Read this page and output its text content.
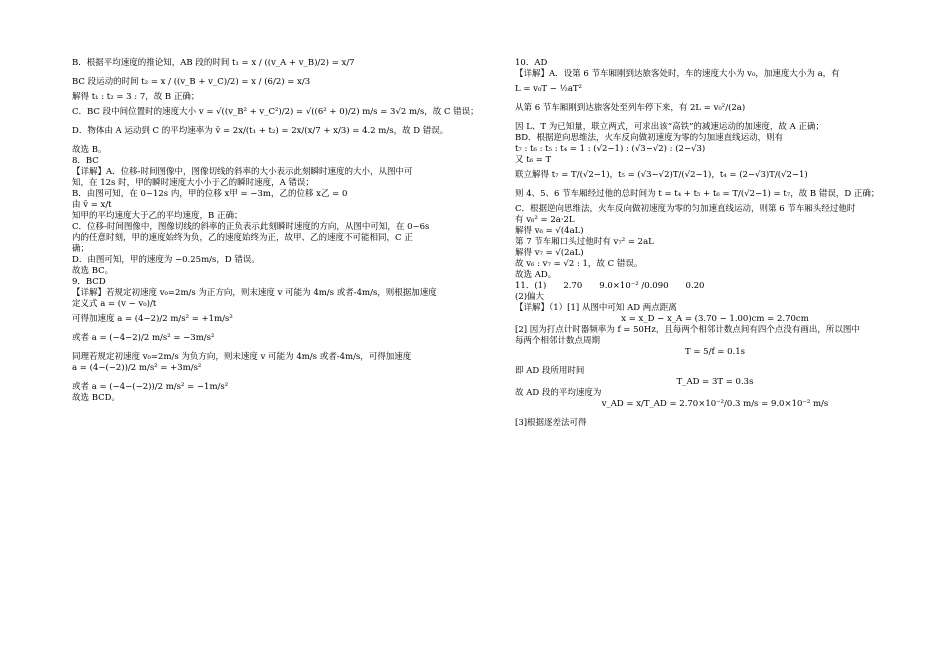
B．根据平均速度的推论知，AB 段的时间 t₁ = x / ((v_A + v_B)/2) = x/7

BC 段运动的时间 t₂ = x / ((v_B + v_C)/2) = x / (6/2) = x/3

解得 t₁ : t₂ = 3 : 7，故 B 正确；

C．BC 段中间位置时的速度大小 v = √((v_B² + v_C²)/2) = √((6² + 0)/2) m/s = 3√2 m/s，故 C 错误；

D．物体由 A 运动到 C 的平均速率为 v̄ = 2x/(t₁ + t₂) = 2x/(x/7 + x/3) = 4.2 m/s，故 D 错误。

故选 B。

8．BC

【详解】A．位移-时间图像中，图像切线的斜率的大小表示此刻瞬时速度的大小，从图中可

知，在 12s 时，甲的瞬时速度大小小于乙的瞬时速度，A 错误；

B．由图可知，在 0~12s 内，甲的位移 x甲 = −3m，乙的位移 x乙 = 0

由 v̄ = x/t

知甲的平均速度大于乙的平均速度，B 正确；

C．位移-时间图像中，图像切线的斜率的正负表示此刻瞬时速度的方向，从图中可知，在 0~6s

内的任意时刻，甲的速度始终为负，乙的速度始终为正，故甲、乙的速度不可能相同，C 正

确；

D．由图可知，甲的速度为 −0.25m/s，D 错误。

故选 BC。

9．BCD

【详解】若规定初速度 v₀=2m/s 为正方向，则末速度 v 可能为 4m/s 或者-4m/s，则根据加速度

定义式 a = (v − v₀)/t

可得加速度 a = (4−2)/2 m/s² = +1m/s²

或者 a = (−4−2)/2 m/s² = −3m/s²

同理若规定初速度 v₀=2m/s 为负方向，则末速度 v 可能为 4m/s 或者-4m/s，可得加速度

a = (4−(−2))/2 m/s² = +3m/s²

或者 a = (−4−(−2))/2 m/s² = −1m/s²

故选 BCD。

10．AD

【详解】A．设第 6 节车厢刚到达旅客处时，车的速度大小为 v₀，加速度大小为 a，有

L = v₀T − ½aT²

从第 6 节车厢刚到达旅客处至列车停下来，有 2L = v₀²/(2a)

因 L、T 为已知量，联立两式，可求出该“高铁”的减速运动的加速度，故 A 正确；

BD．根据逆向思维法，火车反向做初速度为零的匀加速直线运动，则有

t₇ : t₆ : t₅ : t₄ = 1 : (√2−1) : (√3−√2) : (2−√3)

又 t₆ = T

联立解得 t₇ = T/(√2−1)，t₅ = (√3−√2)T/(√2−1)，t₄ = (2−√3)T/(√2−1)

则 4、5、6 节车厢经过他的总时间为 t = t₄ + t₅ + t₆ = T/(√2−1) = t₇，故 B 错误，D 正确；

C．根据逆向思维法，火车反向做初速度为零的匀加速直线运动，则第 6 节车厢头经过他时

有 v₆² = 2a·2L

解得 v₆ = √(4aL)

第 7 节车厢口头过他时有 v₇² = 2aL

解得 v₇ = √(2aL)

故 v₆ : v₇ = √2 : 1，故 C 错误。

故选 AD。

11．(1)　　2.70　　9.0×10⁻² /0.090　　0.20

(2)偏大

【详解】（1）[1] 从图中可知 AD 两点距离

x = x_D − x_A = (3.70 − 1.00)cm = 2.70cm

[2] 因为打点计时器频率为 f = 50Hz，且每两个相邻计数点间有四个点没有画出，所以图中

每两个相邻计数点周期

T = 5/f = 0.1s

即 AD 段所用时间

T_AD = 3T = 0.3s

故 AD 段的平均速度为

v_AD = x/T_AD = 2.70×10⁻²/0.3 m/s = 9.0×10⁻² m/s

[3]根据逐差法可得
